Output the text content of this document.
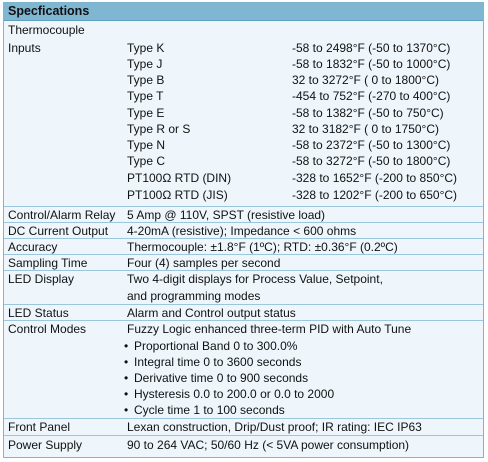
Specfications
Thermocouple
Inputs	Type K	-58 to 2498°F (-50 to 1370°C)
Type J	-58 to 1832°F (-50 to 1000°C)
Type B	32 to 3272°F ( 0 to 1800°C)
Type T	-454 to 752°F (-270 to 400°C)
Type E	-58 to 1382°F (-50 to 750°C)
Type R or S	32 to 3182°F ( 0 to 1750°C)
Type N	-58 to 2372°F (-50 to 1300°C)
Type C	-58 to 3272°F (-50 to 1800°C)
PT100Ω RTD (DIN)	-328 to 1652°F (-200 to 850°C)
PT100Ω RTD (JIS)	-328 to 1202°F (-200 to 650°C)
Control/Alarm Relay 5 Amp @ 110V, SPST (resistive load)
DC Current Output 4-20mA (resistive); Impedance < 600 ohms
Accuracy	Thermocouple: ±1.8°F (1ºC); RTD: ±0.36°F (0.2ºC)
Sampling Time	Four (4) samples per second
LED Display	Two 4-digit displays for Process Value, Setpoint,
and programming modes
LED Status	Alarm and Control output status
Control Modes	Fuzzy Logic enhanced three-term PID with Auto Tune
• Proportional Band 0 to 300.0%
• Integral time 0 to 3600 seconds
• Derivative time 0 to 900 seconds
• Hysteresis 0.0 to 200.0 or 0.0 to 2000
• Cycle time 1 to 100 seconds
Front Panel	Lexan construction, Drip/Dust proof; IR rating: IEC IP63
Power Supply	90 to 264 VAC; 50/60 Hz (< 5VA power consumption)
